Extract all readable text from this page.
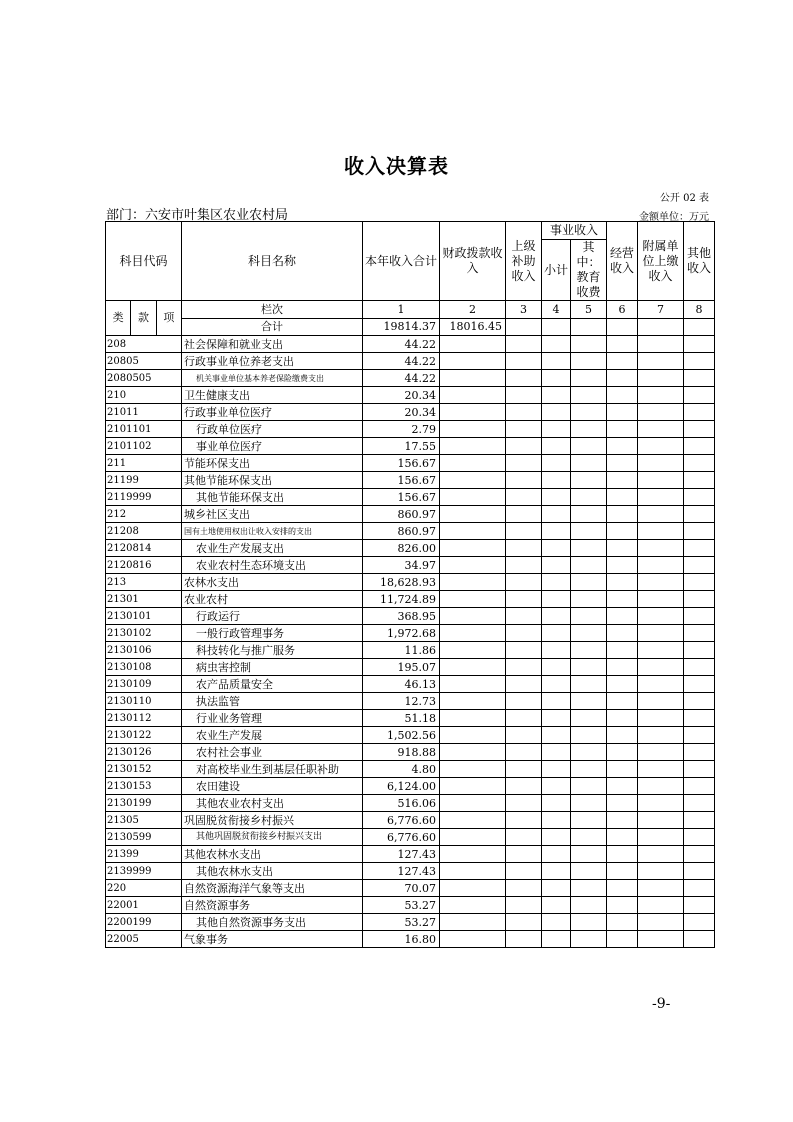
收入决算表
公开 02 表
部门：六安市叶集区农业农村局	金额单位：万元
科目代码	科目名称	本年收入合计	财政拨款收入	上级补助收入	事业收入		经营收入	附属单位上缴收入	其他收入
					小计	其中：教育收费			

类 款 项	栏次	1	2	3	4	5	6	7	8
	合计	19814.37	18016.45						
208	社会保障和就业支出	44.22							
20805	行政事业单位养老支出	44.22							
2080505	机关事业单位基本养老保险缴费支出	44.22							
210	卫生健康支出	20.34							
21011	行政事业单位医疗	20.34							
2101101	行政单位医疗	2.79							
2101102	事业单位医疗	17.55							
211	节能环保支出	156.67							
21199	其他节能环保支出	156.67							
2119999	其他节能环保支出	156.67							
212	城乡社区支出	860.97							
21208	国有土地使用权出让收入安排的支出	860.97							
2120814	农业生产发展支出	826.00							
2120816	农业农村生态环境支出	34.97							
213	农林水支出	18,628.93							
21301	农业农村	11,724.89							
2130101	行政运行	368.95							
2130102	一般行政管理事务	1,972.68							
2130106	科技转化与推广服务	11.86							
2130108	病虫害控制	195.07							
2130109	农产品质量安全	46.13							
2130110	执法监管	12.73							
2130112	行业业务管理	51.18							
2130122	农业生产发展	1,502.56							
2130126	农村社会事业	918.88							
2130152	对高校毕业生到基层任职补助	4.80							
2130153	农田建设	6,124.00							
2130199	其他农业农村支出	516.06							
21305	巩固脱贫衔接乡村振兴	6,776.60							
2130599	其他巩固脱贫衔接乡村振兴支出	6,776.60							
21399	其他农林水支出	127.43							
2139999	其他农林水支出	127.43							
220	自然资源海洋气象等支出	70.07							
22001	自然资源事务	53.27							
2200199	其他自然资源事务支出	53.27							
22005	气象事务	16.80							
-9-
